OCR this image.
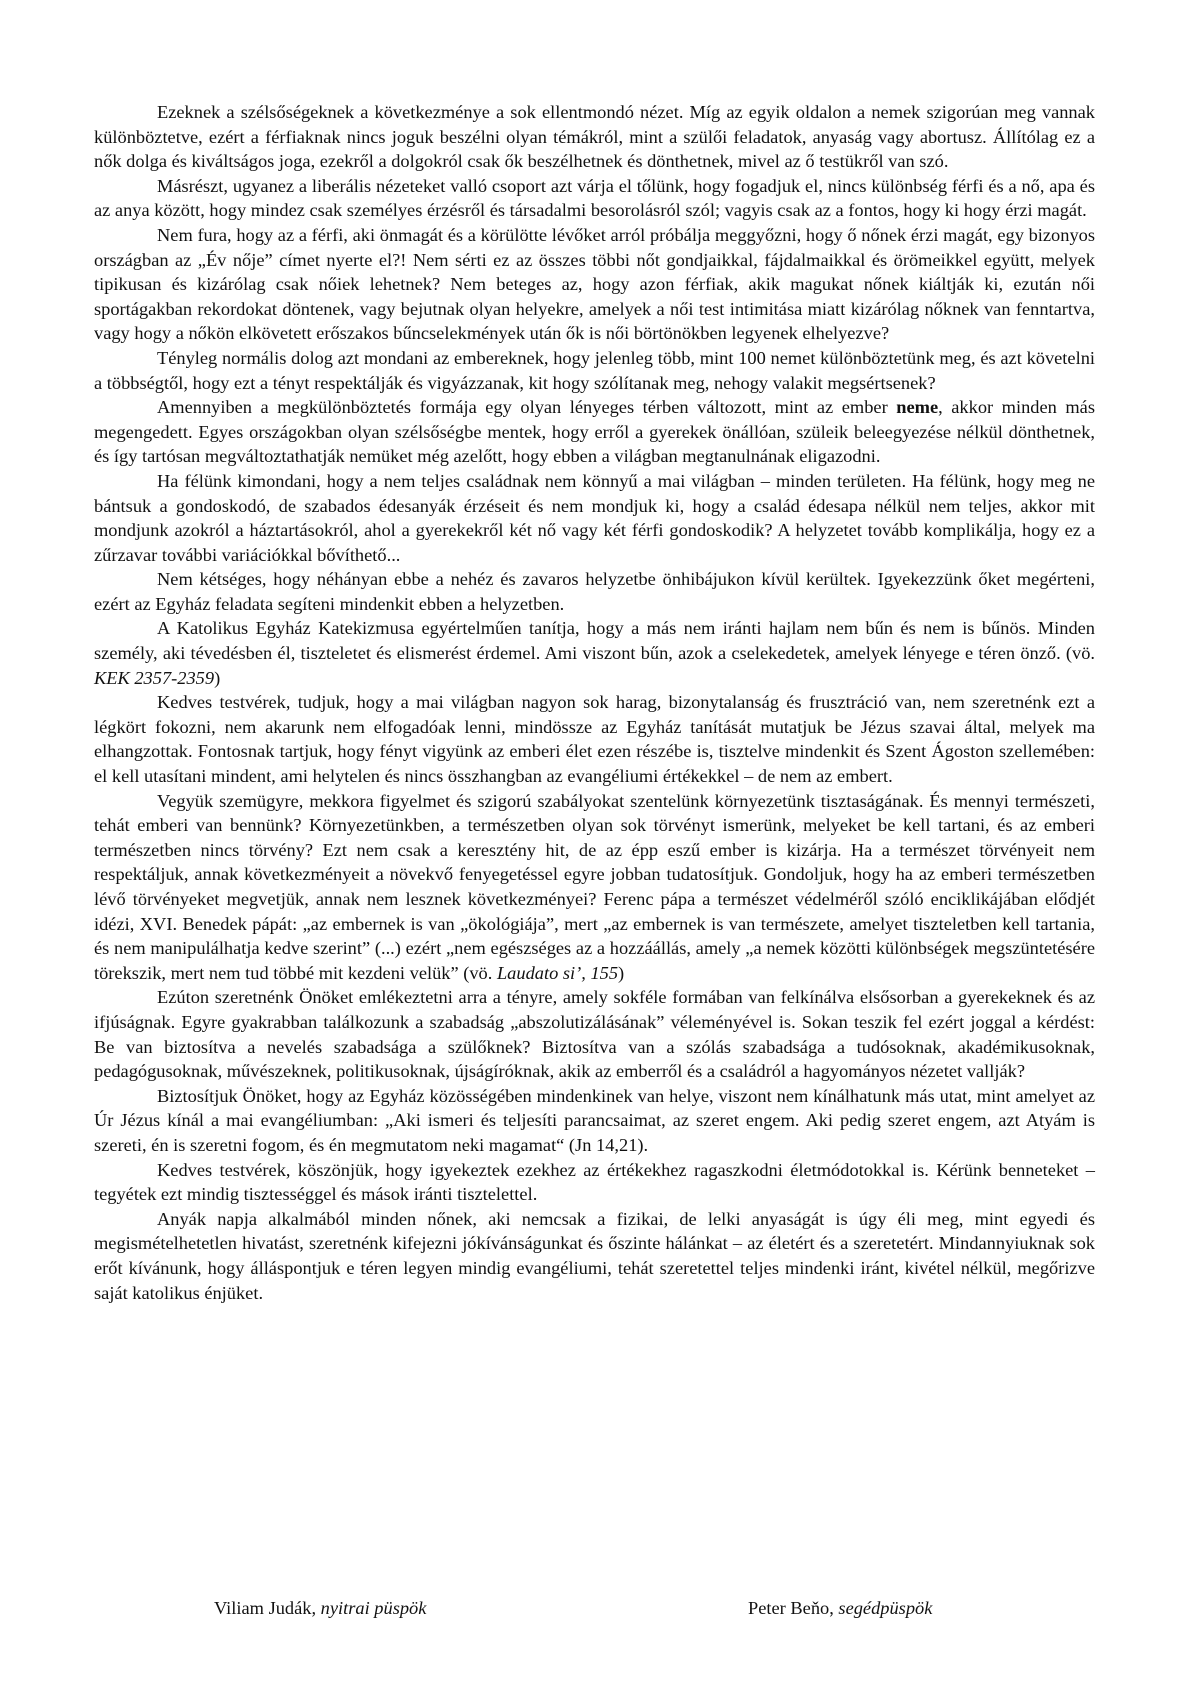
Ezeknek a szélsőségeknek a következménye a sok ellentmondó nézet. Míg az egyik oldalon a nemek szigorúan meg vannak különböztetve, ezért a férfiaknak nincs joguk beszélni olyan témákról, mint a szülői feladatok, anyaság vagy abortusz. Állítólag ez a nők dolga és kiváltságos joga, ezekről a dolgokról csak ők beszélhetnek és dönthetnek, mivel az ő testükről van szó.

Másrészt, ugyanez a liberális nézeteket valló csoport azt várja el tőlünk, hogy fogadjuk el, nincs különbség férfi és a nő, apa és az anya között, hogy mindez csak személyes érzésről és társadalmi besorolásról szól; vagyis csak az a fontos, hogy ki hogy érzi magát.

Nem fura, hogy az a férfi, aki önmagát és a körülötte lévőket arról próbálja meggyőzni, hogy ő nőnek érzi magát, egy bizonyos országban az „Év nője” címet nyerte el?! Nem sérti ez az összes többi nőt gondjaikkal, fájdalmaikkal és örömeikkel együtt, melyek tipikusan és kizárólag csak nőiek lehetnek? Nem beteges az, hogy azon férfiak, akik magukat nőnek kiáltják ki, ezután női sportágakban rekordokat döntenek, vagy bejutnak olyan helyekre, amelyek a női test intimitása miatt kizárólag nőknek van fenntartva, vagy hogy a nőkön elkövetett erőszakos bűncselekmények után ők is női börtönökben legyenek elhelyezve?

Tényleg normális dolog azt mondani az embereknek, hogy jelenleg több, mint 100 nemet különböztetünk meg, és azt követelni a többségtől, hogy ezt a tényt respektálják és vigyázzanak, kit hogy szólítanak meg, nehogy valakit megsértsenek?

Amennyiben a megkülönböztetés formája egy olyan lényeges térben változott, mint az ember neme, akkor minden más megengedett. Egyes országokban olyan szélsőségbe mentek, hogy erről a gyerekek önállóan, szüleik beleegyezése nélkül dönthetnek, és így tartósan megváltoztathatják nemüket még azelőtt, hogy ebben a világban megtanulnának eligazodni.

Ha félünk kimondani, hogy a nem teljes családnak nem könnyű a mai világban – minden területen. Ha félünk, hogy meg ne bántsuk a gondoskodó, de szabados édesanyák érzéseit és nem mondjuk ki, hogy a család édesapa nélkül nem teljes, akkor mit mondjunk azokról a háztartásokról, ahol a gyerekekről két nő vagy két férfi gondoskodik? A helyzetet tovább komplikálja, hogy ez a zűrzavar további variációkkal bővíthető...

Nem kétséges, hogy néhányan ebbe a nehéz és zavaros helyzetbe önhibájukon kívül kerültek. Igyekezzünk őket megérteni, ezért az Egyház feladata segíteni mindenkit ebben a helyzetben.

A Katolikus Egyház Katekizmusa egyértelműen tanítja, hogy a más nem iránti hajlam nem bűn és nem is bűnös. Minden személy, aki tévedésben él, tiszteletet és elismerést érdemel. Ami viszont bűn, azok a cselekedetek, amelyek lényege e téren önző. (vö. KEK 2357-2359)

Kedves testvérek, tudjuk, hogy a mai világban nagyon sok harag, bizonytalanság és frusztráció van, nem szeretnénk ezt a légkört fokozni, nem akarunk nem elfogadóak lenni, mindössze az Egyház tanítását mutatjuk be Jézus szavai által, melyek ma elhangzottak. Fontosnak tartjuk, hogy fényt vigyünk az emberi élet ezen részébe is, tisztelve mindenkit és Szent Ágoston szellemében: el kell utasítani mindent, ami helytelen és nincs összhangban az evangéliumi értékekkel – de nem az embert.

Vegyük szemügyre, mekkora figyelmet és szigorú szabályokat szentelünk környezetünk tisztaságának. És mennyi természeti, tehát emberi van bennünk? Környezetünkben, a természetben olyan sok törvényt ismerünk, melyeket be kell tartani, és az emberi természetben nincs törvény? Ezt nem csak a keresztény hit, de az épp eszű ember is kizárja. Ha a természet törvényeit nem respektáljuk, annak következményeit a növekvő fenyegetéssel egyre jobban tudatosítjuk. Gondoljuk, hogy ha az emberi természetben lévő törvényeket megvetjük, annak nem lesznek következményei? Ferenc pápa a természet védelméről szóló enciklikájában elődjét idézi, XVI. Benedek pápát: „az embernek is van „ökológiája”, mert „az embernek is van természete, amelyet tiszteletben kell tartania, és nem manipulálhatja kedve szerint” (...) ezért „nem egészséges az a hozzáállás, amely „a nemek közötti különbségek megszüntetésére törekszik, mert nem tud többé mit kezdeni velük” (vö. Laudato si’, 155)

Ezúton szeretnénk Önöket emlékeztetni arra a tényre, amely sokféle formában van felkínálva elsősorban a gyerekeknek és az ifjúságnak. Egyre gyakrabban találkozunk a szabadság „abszolutizálásának” véleményével is. Sokan teszik fel ezért joggal a kérdést: Be van biztosítva a nevelés szabadsága a szülőknek? Biztosítva van a szólás szabadsága a tudósoknak, akadémikusoknak, pedagógusoknak, művészeknek, politikusoknak, újságíróknak, akik az emberről és a családról a hagyományos nézetet vallják?

Biztosítjuk Önöket, hogy az Egyház közösségében mindenkinek van helye, viszont nem kínálhatunk más utat, mint amelyet az Úr Jézus kínál a mai evangéliumban: „Aki ismeri és teljesíti parancsaimat, az szeret engem. Aki pedig szeret engem, azt Atyám is szereti, én is szeretni fogom, és én megmutatom neki magamat“ (Jn 14,21).

Kedves testvérek, köszönjük, hogy igyekeztek ezekhez az értékekhez ragaszkodni életmódotokkal is. Kérünk benneteket – tegyétek ezt mindig tisztességgel és mások iránti tisztelettel.

Anyák napja alkalmából minden nőnek, aki nemcsak a fizikai, de lelki anyaságát is úgy éli meg, mint egyedi és megismételhetetlen hivatást, szeretnénk kifejezni jókívánságunkat és őszinte hálánkat – az életért és a szeretetért. Mindannyiuknak sok erőt kívánunk, hogy álláspontjuk e téren legyen mindig evangéliumi, tehát szeretettel teljes mindenki iránt, kivétel nélkül, megőrizve saját katolikus énjüket.

Viliam Judák, nyitrai püspök	Peter Beňo, segédpüspök
